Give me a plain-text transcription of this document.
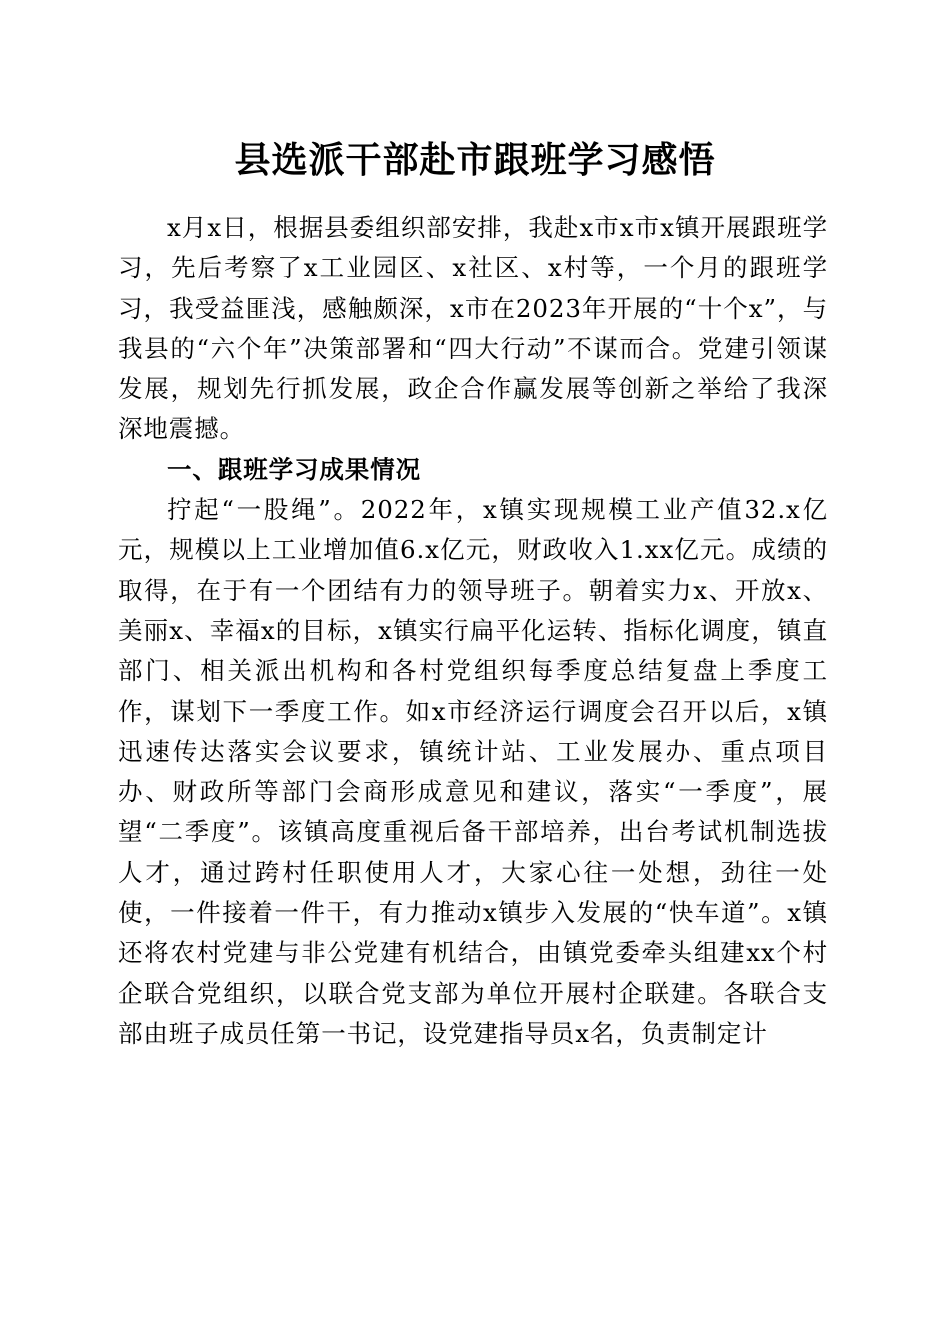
县选派干部赴市跟班学习感悟

x月x日，根据县委组织部安排，我赴x市x市x镇开展跟班学习，先后考察了x工业园区、x社区、x村等，一个月的跟班学习，我受益匪浅，感触颇深，x市在2023年开展的“十个x”，与我县的“六个年”决策部署和“四大行动”不谋而合。党建引领谋发展，规划先行抓发展，政企合作赢发展等创新之举给了我深深地震撼。

一、跟班学习成果情况

拧起“一股绳”。2022年，x镇实现规模工业产值32.x亿元，规模以上工业增加值6.x亿元，财政收入1.xx亿元。成绩的取得，在于有一个团结有力的领导班子。朝着实力x、开放x、美丽x、幸福x的目标，x镇实行扁平化运转、指标化调度，镇直部门、相关派出机构和各村党组织每季度总结复盘上季度工作，谋划下一季度工作。如x市经济运行调度会召开以后，x镇迅速传达落实会议要求，镇统计站、工业发展办、重点项目办、财政所等部门会商形成意见和建议，落实“一季度”，展望“二季度”。该镇高度重视后备干部培养，出台考试机制选拔人才，通过跨村任职使用人才，大家心往一处想，劲往一处使，一件接着一件干，有力推动x镇步入发展的“快车道”。x镇还将农村党建与非公党建有机结合，由镇党委牵头组建xx个村企联合党组织，以联合党支部为单位开展村企联建。各联合支部由班子成员任第一书记，设党建指导员x名，负责制定计
